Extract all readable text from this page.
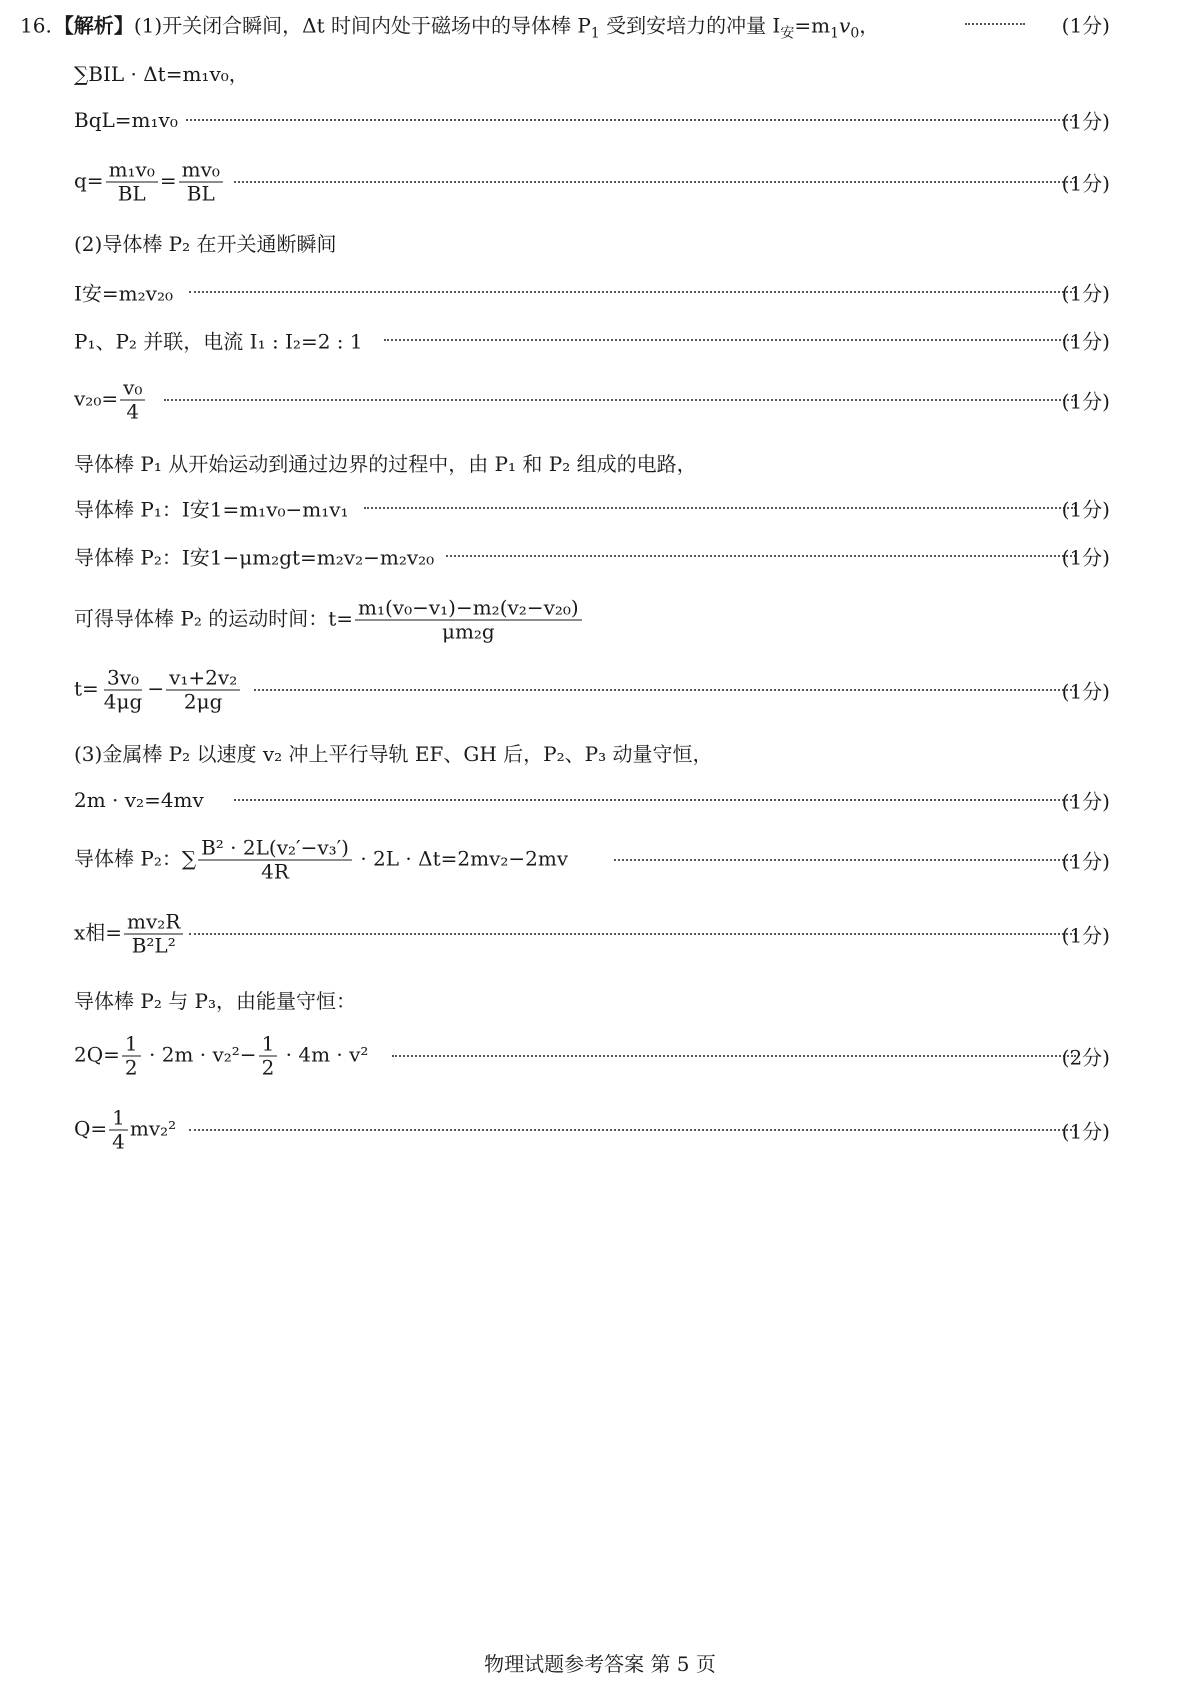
16. 【解析】(1)开关闭合瞬间，Δt 时间内处于磁场中的导体棒 $P_1$ 受到安培力的冲量 $I_安=m_1v_0$，	(1分)
∑BIL · Δt=m₁v₀，
BqL=m₁v₀	(1分)
$q= \frac{\text{m₁v₀}}{BL} = \frac{\text{mv₀}}{BL}$	(1分)
(2)导体棒 P₂ 在开关通断瞬间
I安=m₂v₂₀	(1分)
P₁、P₂ 并联，电流 I₁ : I₂=2 : 1	(1分)
$v_{20}= \frac{\text{v₀}}{4}$	(1分)
导体棒 P₁ 从开始运动到通过边界的过程中，由 P₁ 和 P₂ 组成的电路，
导体棒 P₁：I安1=m₁v₀−m₁v₁	(1分)
导体棒 P₂：I安1−μm₂gt=m₂v₂−m₂v₂₀	(1分)
可得导体棒 P₂ 的运动时间：$t= \frac{\text{m₁(v₀−v₁)−m₂(v₂−v₂₀)}}{\text{μm₂g}}$
$t= \frac{\text{3v₀}}{4\mu g} - \frac{\text{v₁+2v₂}}{2\mu g}$	(1分)
(3)金属棒 P₂ 以速度 v₂ 冲上平行导轨 EF、GH 后，P₂、P₃ 动量守恒，
2m · v₂=4mv	(1分)
导体棒 P₂：∑ $\frac{\text{B² · 2L(v₂′−v₃′)}}{4R} \cdot 2L \cdot \Delta t=2mv_2-2mv$	(1分)
x相= $\frac{\text{mv₂R}}{\text{B²L²}}$	(1分)
导体棒 P₂ 与 P₃，由能量守恒：
$2Q= \frac{1}{2} \cdot 2m \cdot v_2^2- \frac{1}{2} \cdot 4m \cdot v^2$	(2分)
$Q= \frac{1}{4} mv_2^2$	(1分)
物理试题参考答案 第 5 页
